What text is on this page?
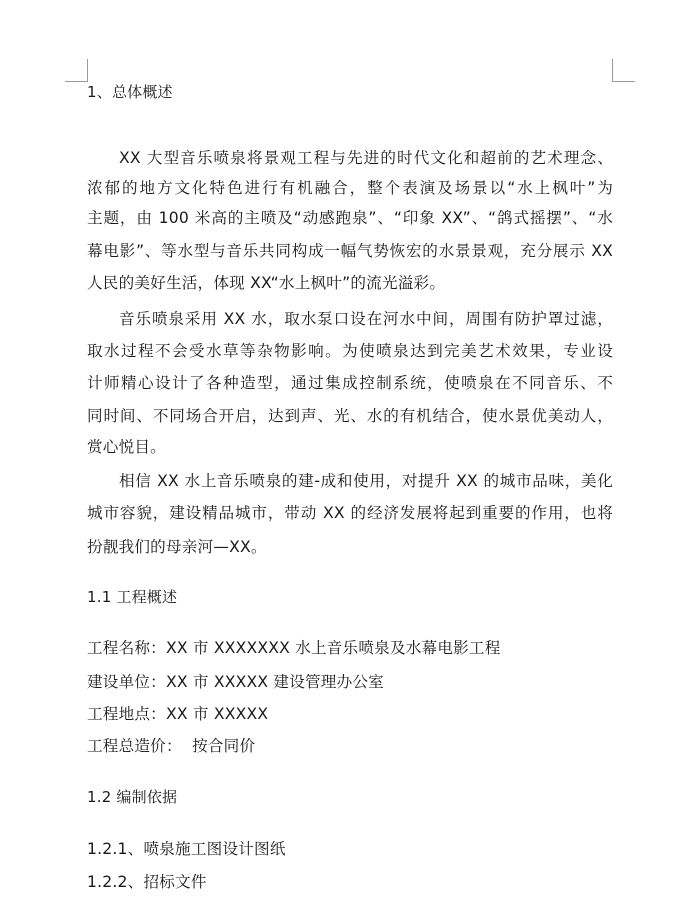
1、总体概述
XX 大型音乐喷泉将景观工程与先进的时代文化和超前的艺术理念、
浓郁的地方文化特色进行有机融合，整个表演及场景以“水上枫叶”为
主题，由 100 米高的主喷及“动感跑泉”、“印象 XX”、“鸽式摇摆”、“水
幕电影”、等水型与音乐共同构成一幅气势恢宏的水景景观，充分展示 XX
人民的美好生活，体现 XX“水上枫叶”的流光溢彩。
音乐喷泉采用 XX 水，取水泵口设在河水中间，周围有防护罩过滤，
取水过程不会受水草等杂物影响。为使喷泉达到完美艺术效果，专业设
计师精心设计了各种造型，通过集成控制系统，使喷泉在不同音乐、不
同时间、不同场合开启，达到声、光、水的有机结合，使水景优美动人，
赏心悦目。
相信 XX 水上音乐喷泉的建-成和使用，对提升 XX 的城市品味，美化
城市容貌，建设精品城市，带动 XX 的经济发展将起到重要的作用，也将
扮靓我们的母亲河—XX。
1.1 工程概述
工程名称：XX 市 XXXXXXX 水上音乐喷泉及水幕电影工程
建设单位：XX 市 XXXXX 建设管理办公室
工程地点：XX 市 XXXXX
工程总造价：  按合同价
1.2 编制依据
1.2.1、喷泉施工图设计图纸
1.2.2、招标文件
